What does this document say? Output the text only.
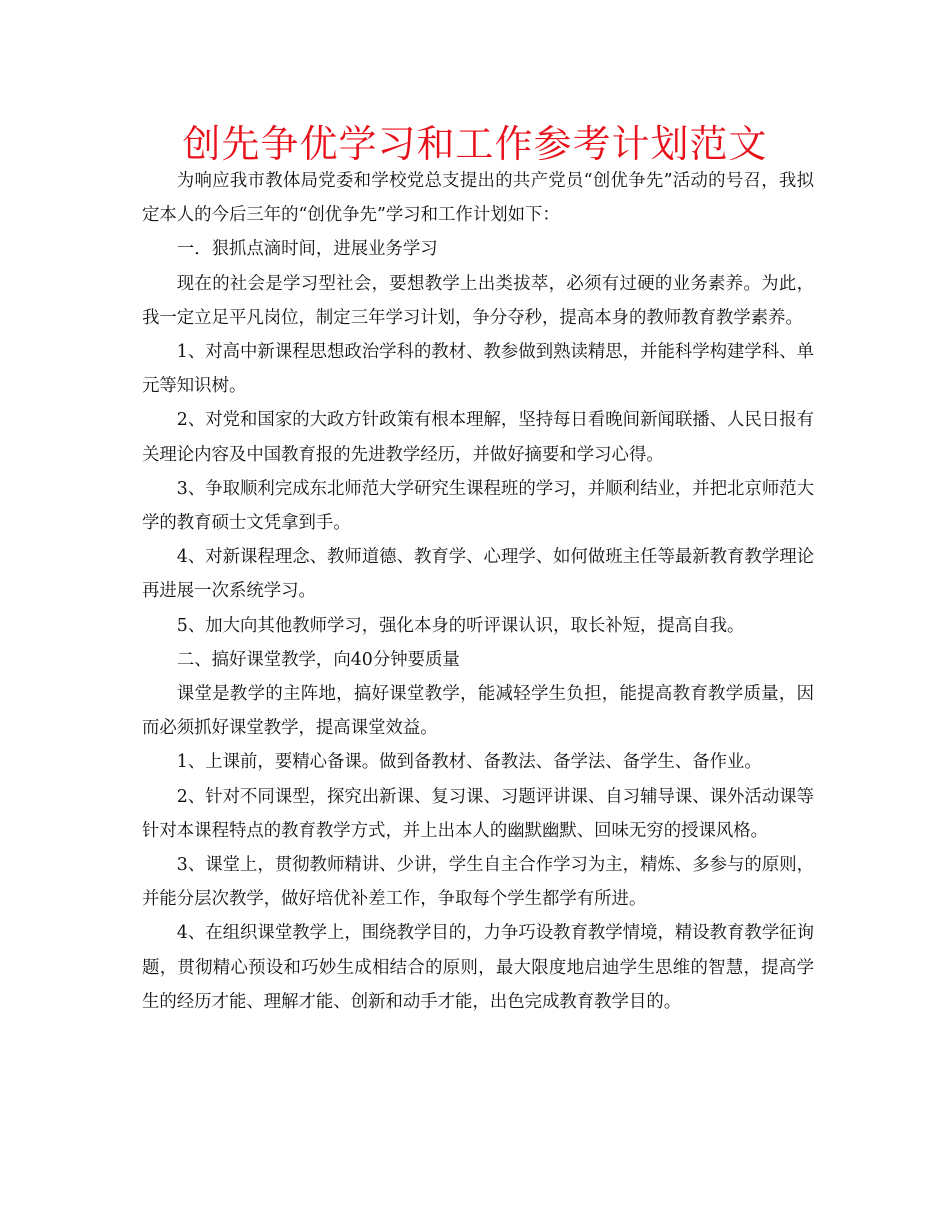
创先争优学习和工作参考计划范文

为响应我市教体局党委和学校党总支提出的共产党员“创优争先”活动的号召，我拟定本人的今后三年的“创优争先”学习和工作计划如下：

一．狠抓点滴时间，进展业务学习

现在的社会是学习型社会，要想教学上出类拔萃，必须有过硬的业务素养。为此，我一定立足平凡岗位，制定三年学习计划，争分夺秒，提高本身的教师教育教学素养。

1、对高中新课程思想政治学科的教材、教参做到熟读精思，并能科学构建学科、单元等知识树。

2、对党和国家的大政方针政策有根本理解，坚持每日看晚间新闻联播、人民日报有关理论内容及中国教育报的先进教学经历，并做好摘要和学习心得。

3、争取顺利完成东北师范大学研究生课程班的学习，并顺利结业，并把北京师范大学的教育硕士文凭拿到手。

4、对新课程理念、教师道德、教育学、心理学、如何做班主任等最新教育教学理论再进展一次系统学习。

5、加大向其他教师学习，强化本身的听评课认识，取长补短，提高自我。

二、搞好课堂教学，向40分钟要质量

课堂是教学的主阵地，搞好课堂教学，能减轻学生负担，能提高教育教学质量，因而必须抓好课堂教学，提高课堂效益。

1、上课前，要精心备课。做到备教材、备教法、备学法、备学生、备作业。

2、针对不同课型，探究出新课、复习课、习题评讲课、自习辅导课、课外活动课等针对本课程特点的教育教学方式，并上出本人的幽默幽默、回味无穷的授课风格。

3、课堂上，贯彻教师精讲、少讲，学生自主合作学习为主，精炼、多参与的原则，并能分层次教学，做好培优补差工作，争取每个学生都学有所进。

4、在组织课堂教学上，围绕教学目的，力争巧设教育教学情境，精设教育教学征询题，贯彻精心预设和巧妙生成相结合的原则，最大限度地启迪学生思维的智慧，提高学生的经历才能、理解才能、创新和动手才能，出色完成教育教学目的。
